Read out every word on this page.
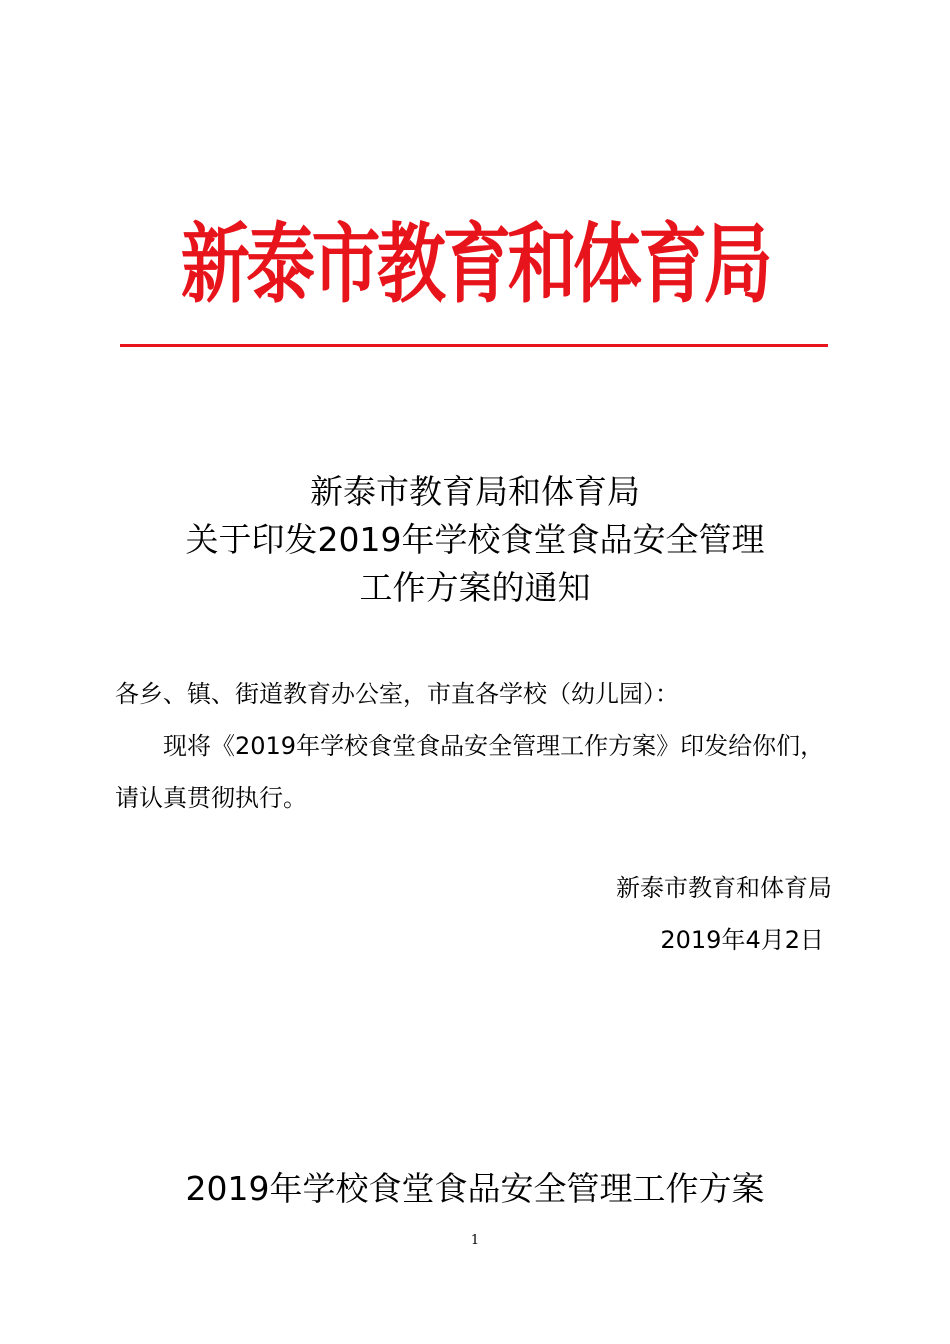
新泰市教育和体育局
新泰市教育局和体育局
关于印发2019年学校食堂食品安全管理
工作方案的通知

各乡、镇、街道教育办公室，市直各学校（幼儿园）：

现将《2019年学校食堂食品安全管理工作方案》印发给你们，请认真贯彻执行。

新泰市教育和体育局
2019年4月2日
2019年学校食堂食品安全管理工作方案
1
